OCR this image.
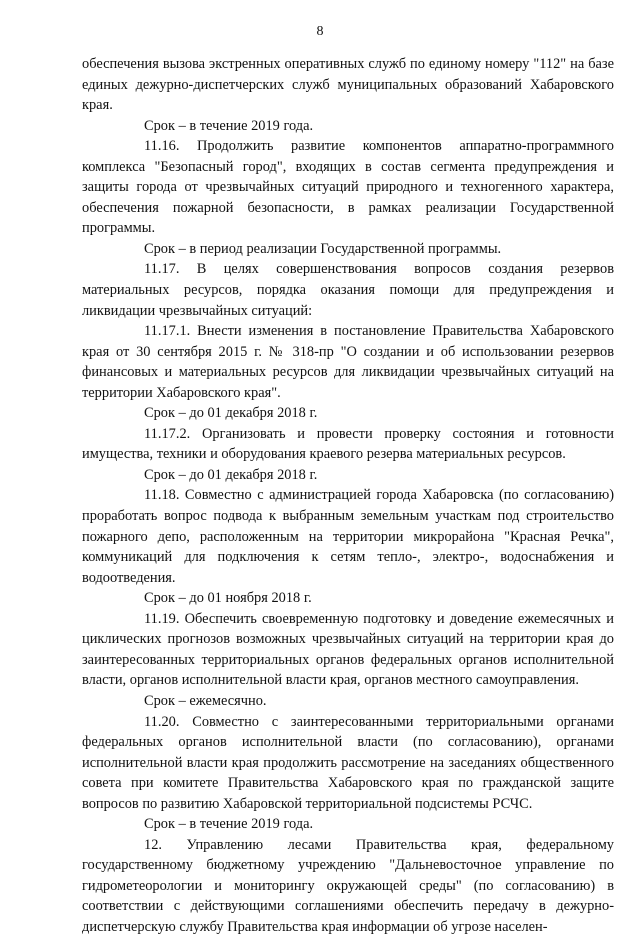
8

обеспечения вызова экстренных оперативных служб по единому номеру "112" на базе единых дежурно-диспетчерских служб муниципальных образований Хабаровского края.

Срок – в течение 2019 года.

11.16. Продолжить развитие компонентов аппаратно-программного комплекса "Безопасный город", входящих в состав сегмента предупреждения и защиты города от чрезвычайных ситуаций природного и техногенного характера, обеспечения пожарной безопасности, в рамках реализации Государственной программы.

Срок – в период реализации Государственной программы.

11.17. В целях совершенствования вопросов создания резервов материальных ресурсов, порядка оказания помощи для предупреждения и ликвидации чрезвычайных ситуаций:

11.17.1. Внести изменения в постановление Правительства Хабаровского края от 30 сентября 2015 г. № 318-пр "О создании и об использовании резервов финансовых и материальных ресурсов для ликвидации чрезвычайных ситуаций на территории Хабаровского края".

Срок – до 01 декабря 2018 г.

11.17.2. Организовать и провести проверку состояния и готовности имущества, техники и оборудования краевого резерва материальных ресурсов.

Срок – до 01 декабря 2018 г.

11.18. Совместно с администрацией города Хабаровска (по согласованию) проработать вопрос подвода к выбранным земельным участкам под строительство пожарного депо, расположенным на территории микрорайона "Красная Речка", коммуникаций для подключения к сетям тепло-, электро-, водоснабжения и водоотведения.

Срок – до 01 ноября 2018 г.

11.19. Обеспечить своевременную подготовку и доведение ежемесячных и циклических прогнозов возможных чрезвычайных ситуаций на территории края до заинтересованных территориальных органов федеральных органов исполнительной власти, органов исполнительной власти края, органов местного самоуправления.

Срок – ежемесячно.

11.20. Совместно с заинтересованными территориальными органами федеральных органов исполнительной власти (по согласованию), органами исполнительной власти края продолжить рассмотрение на заседаниях общественного совета при комитете Правительства Хабаровского края по гражданской защите вопросов по развитию Хабаровской территориальной подсистемы РСЧС.

Срок – в течение 2019 года.

12. Управлению лесами Правительства края, федеральному государственному бюджетному учреждению "Дальневосточное управление по гидрометеорологии и мониторингу окружающей среды" (по согласованию) в соответствии с действующими соглашениями обеспечить передачу в дежурно-диспетчерскую службу Правительства края информации об угрозе населен-
